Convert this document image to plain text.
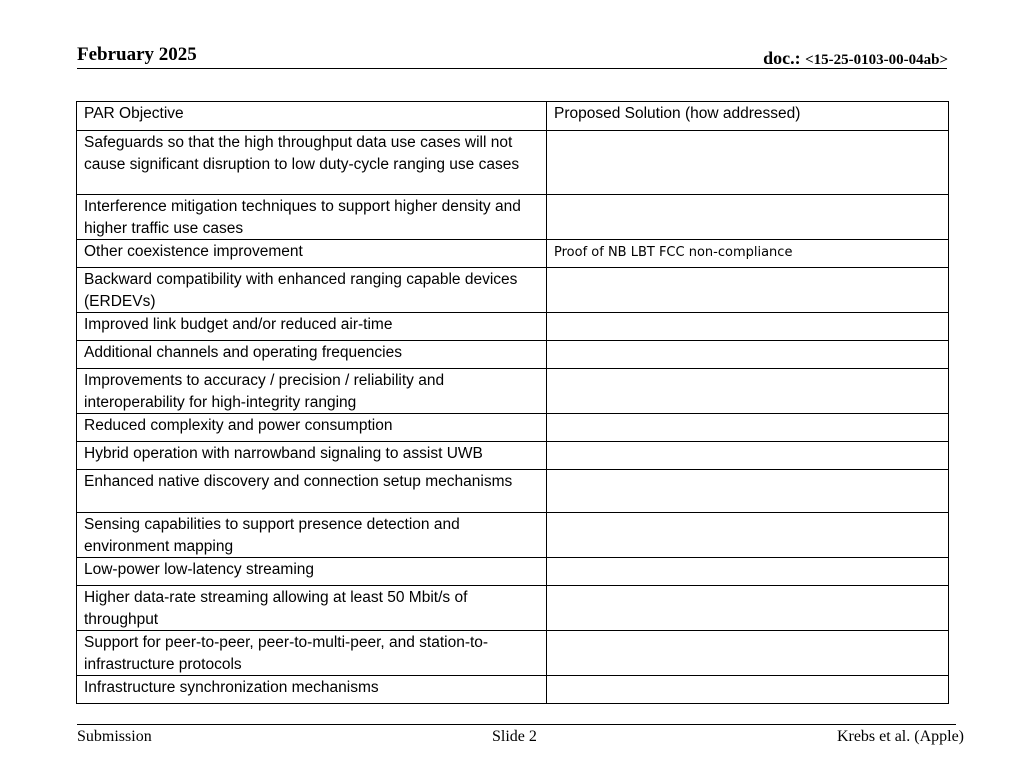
February 2025	doc.: <15-25-0103-00-04ab>
PAR Objective	Proposed Solution (how addressed)
Safeguards so that the high throughput data use cases will not cause significant disruption to low duty-cycle ranging use cases	
Interference mitigation techniques to support higher density and higher traffic use cases	
Other coexistence improvement	Proof of NB LBT FCC non-compliance
Backward compatibility with enhanced ranging capable devices (ERDEVs)	
Improved link budget and/or reduced air-time	
Additional channels and operating frequencies	
Improvements to accuracy / precision / reliability and interoperability for high-integrity ranging	
Reduced complexity and power consumption	
Hybrid operation with narrowband signaling to assist UWB	
Enhanced native discovery and connection setup mechanisms	
Sensing capabilities to support presence detection and environment mapping	
Low-power low-latency streaming	
Higher data-rate streaming allowing at least 50 Mbit/s of throughput	
Support for peer-to-peer, peer-to-multi-peer, and station-to-infrastructure protocols	
Infrastructure synchronization mechanisms	
Submission	Slide 2	Krebs et al. (Apple)
